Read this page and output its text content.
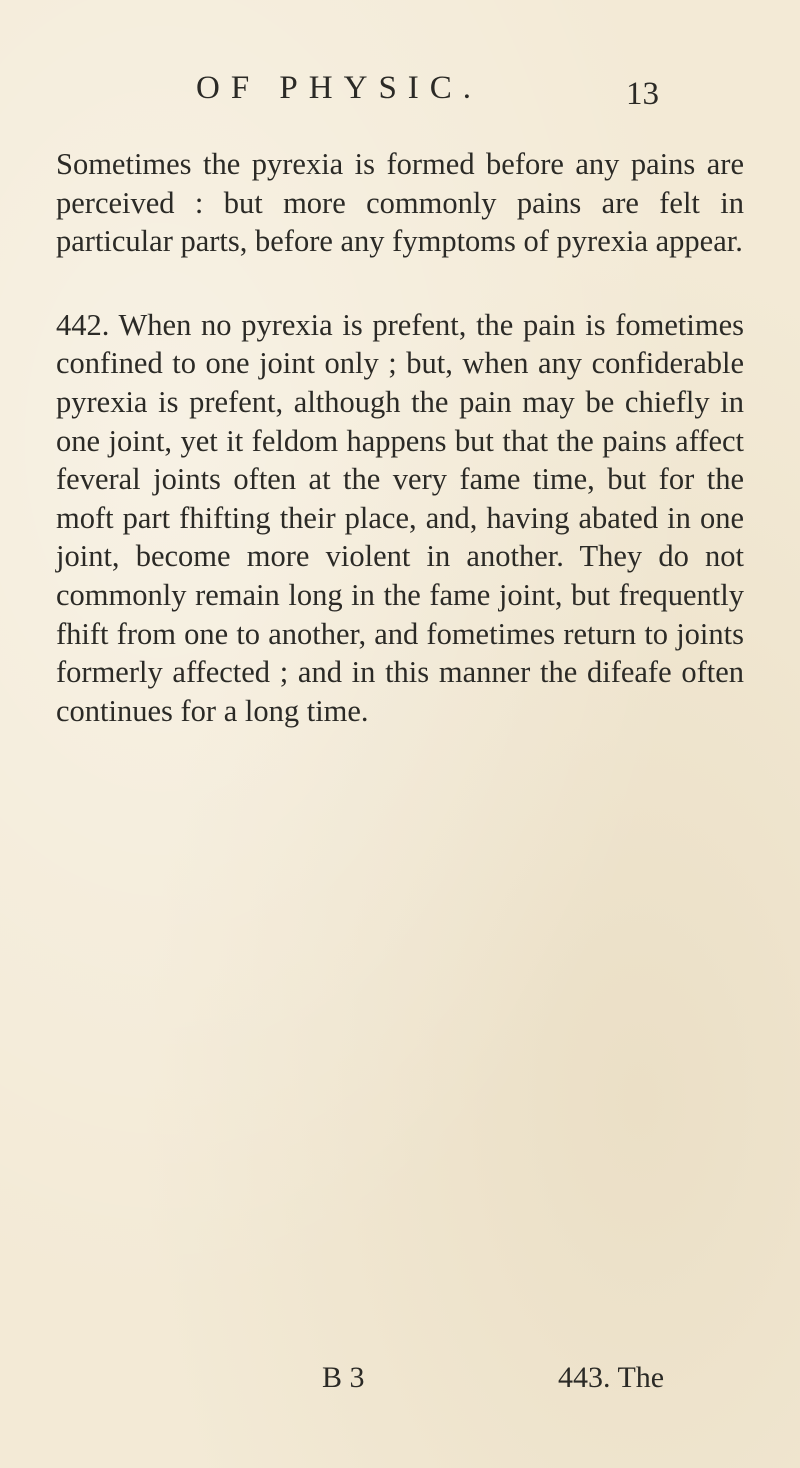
OF PHYSIC.	13

Sometimes the pyrexia is formed before any pains are perceived : but more commonly pains are felt in particular parts, before any fymptoms of pyrexia appear.

442. When no pyrexia is prefent, the pain is fometimes confined to one joint only ; but, when any confiderable pyrexia is prefent, although the pain may be chiefly in one joint, yet it feldom happens but that the pains affect feveral joints often at the very fame time, but for the moft part fhifting their place, and, having abated in one joint, become more violent in another. They do not commonly remain long in the fame joint, but frequently fhift from one to another, and fometimes return to joints formerly affected ; and in this manner the difeafe often continues for a long time.

B 3	443. The
